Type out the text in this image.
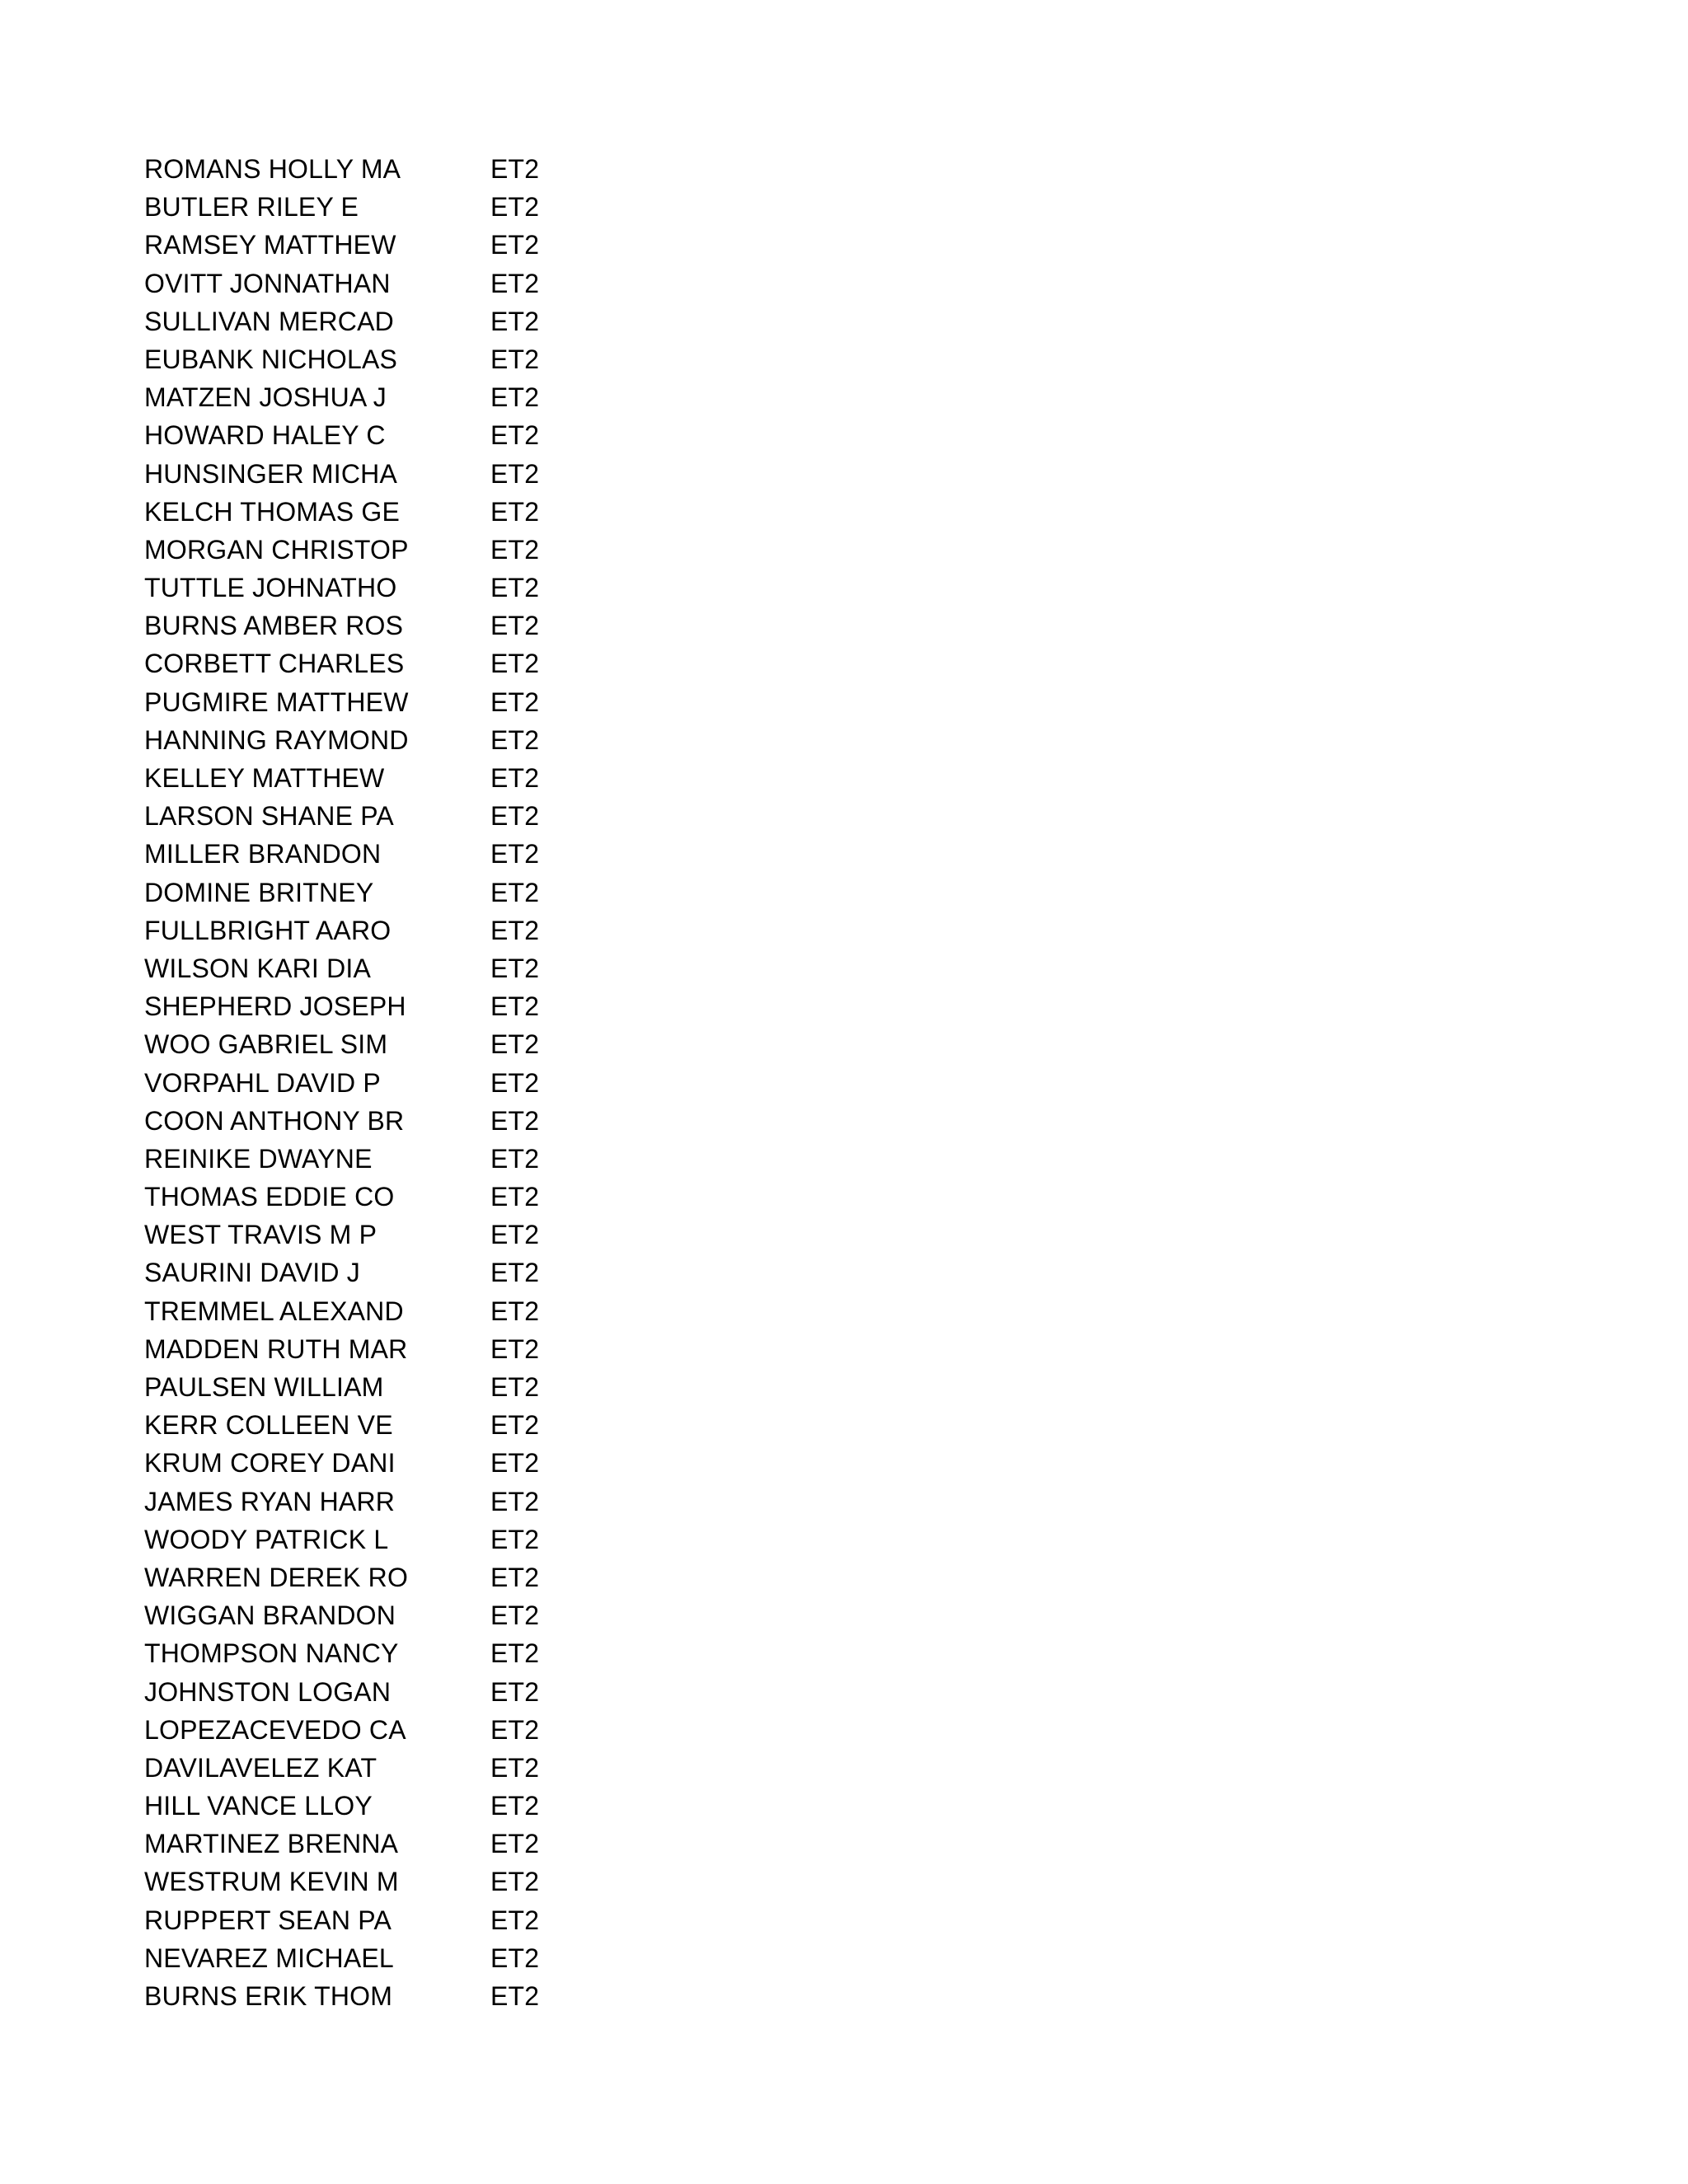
ROMANS HOLLY MA	ET2
BUTLER RILEY E	ET2
RAMSEY MATTHEW	ET2
OVITT JONNATHAN	ET2
SULLIVAN MERCAD	ET2
EUBANK NICHOLAS	ET2
MATZEN JOSHUA J	ET2
HOWARD HALEY C	ET2
HUNSINGER MICHA	ET2
KELCH THOMAS GE	ET2
MORGAN CHRISTOP	ET2
TUTTLE JOHNATHO	ET2
BURNS AMBER ROS	ET2
CORBETT CHARLES	ET2
PUGMIRE MATTHEW	ET2
HANNING RAYMOND	ET2
KELLEY MATTHEW	ET2
LARSON SHANE PA	ET2
MILLER BRANDON	ET2
DOMINE BRITNEY	ET2
FULLBRIGHT AARO	ET2
WILSON KARI DIA	ET2
SHEPHERD JOSEPH	ET2
WOO GABRIEL SIM	ET2
VORPAHL DAVID P	ET2
COON ANTHONY BR	ET2
REINIKE DWAYNE	ET2
THOMAS EDDIE CO	ET2
WEST TRAVIS M P	ET2
SAURINI DAVID J	ET2
TREMMEL ALEXAND	ET2
MADDEN RUTH MAR	ET2
PAULSEN WILLIAM	ET2
KERR COLLEEN VE	ET2
KRUM COREY DANI	ET2
JAMES RYAN HARR	ET2
WOODY PATRICK L	ET2
WARREN DEREK RO	ET2
WIGGAN BRANDON	ET2
THOMPSON NANCY	ET2
JOHNSTON LOGAN	ET2
LOPEZACEVEDO CA	ET2
DAVILAVELEZ KAT	ET2
HILL VANCE LLOY	ET2
MARTINEZ BRENNA	ET2
WESTRUM KEVIN M	ET2
RUPPERT SEAN PA	ET2
NEVAREZ MICHAEL	ET2
BURNS ERIK THOM	ET2
